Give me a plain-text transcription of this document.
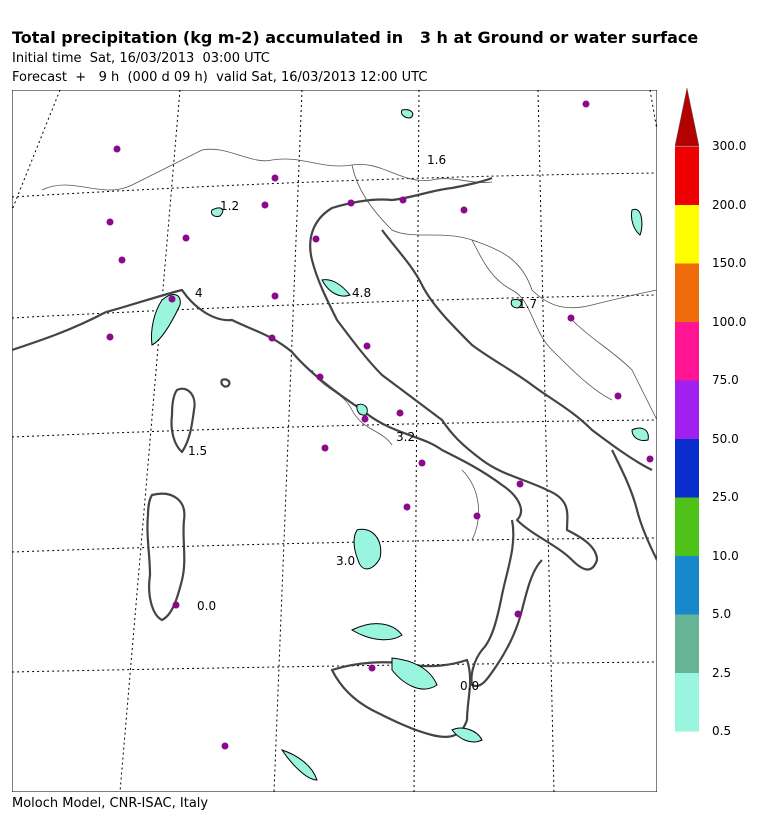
Total precipitation (kg m-2) accumulated in   3 h at Ground or water surface
Initial time  Sat, 16/03/2013  03:00 UTC
Forecast  +   9 h  (000 d 09 h)  valid Sat, 16/03/2013 12:00 UTC
1.6
1.2
4	4.8
1.7
3.2
1.5
3.0
0.0
0.0
300.0
200.0
150.0
100.0
75.0
50.0
25.0
10.0
5.0
2.5
0.5
Moloch Model, CNR-ISAC, Italy
